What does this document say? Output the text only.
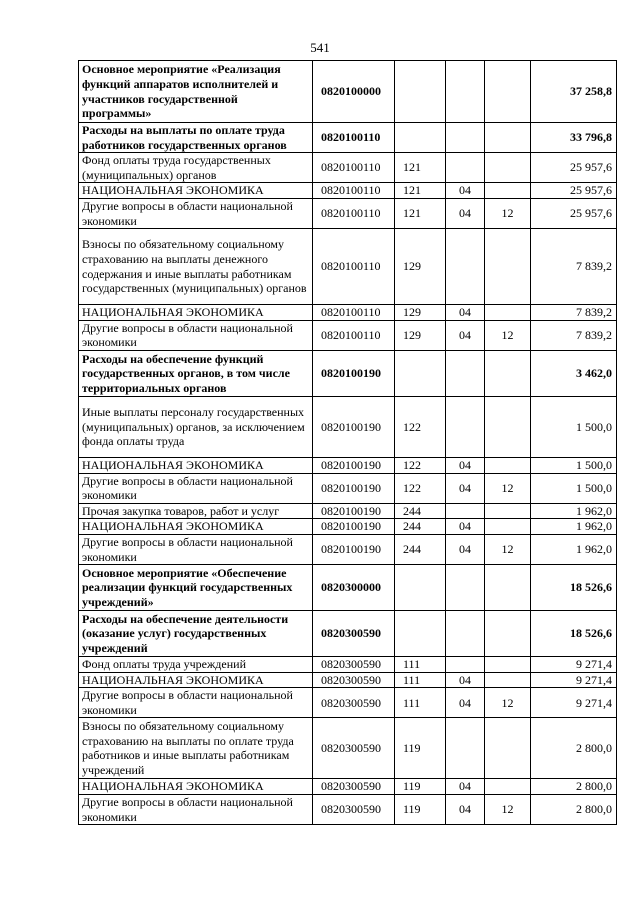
541
Основное мероприятие «Реализация функций аппаратов исполнителей и участников государственной программы»	0820100000				37 258,8
Расходы на выплаты по оплате труда работников государственных органов	0820100110				33 796,8
Фонд оплаты труда государственных (муниципальных) органов	0820100110	121			25 957,6
НАЦИОНАЛЬНАЯ ЭКОНОМИКА	0820100110	121	04		25 957,6
Другие вопросы в области национальной экономики	0820100110	121	04	12	25 957,6
Взносы по обязательному социальному страхованию на выплаты денежного содержания и иные выплаты работникам государственных (муниципальных) органов	0820100110	129			7 839,2
НАЦИОНАЛЬНАЯ ЭКОНОМИКА	0820100110	129	04		7 839,2
Другие вопросы в области национальной экономики	0820100110	129	04	12	7 839,2
Расходы на обеспечение функций государственных органов, в том числе территориальных органов	0820100190				3 462,0
Иные выплаты персоналу государственных (муниципальных) органов, за исключением фонда оплаты труда	0820100190	122			1 500,0
НАЦИОНАЛЬНАЯ ЭКОНОМИКА	0820100190	122	04		1 500,0
Другие вопросы в области национальной экономики	0820100190	122	04	12	1 500,0
Прочая закупка товаров, работ и услуг	0820100190	244			1 962,0
НАЦИОНАЛЬНАЯ ЭКОНОМИКА	0820100190	244	04		1 962,0
Другие вопросы в области национальной экономики	0820100190	244	04	12	1 962,0
Основное мероприятие «Обеспечение реализации функций государственных учреждений»	0820300000				18 526,6
Расходы на обеспечение деятельности (оказание услуг) государственных учреждений	0820300590				18 526,6
Фонд оплаты труда учреждений	0820300590	111			9 271,4
НАЦИОНАЛЬНАЯ ЭКОНОМИКА	0820300590	111	04		9 271,4
Другие вопросы в области национальной экономики	0820300590	111	04	12	9 271,4
Взносы по обязательному социальному страхованию на выплаты по оплате труда работников и иные выплаты работникам учреждений	0820300590	119			2 800,0
НАЦИОНАЛЬНАЯ ЭКОНОМИКА	0820300590	119	04		2 800,0
Другие вопросы в области национальной экономики	0820300590	119	04	12	2 800,0
